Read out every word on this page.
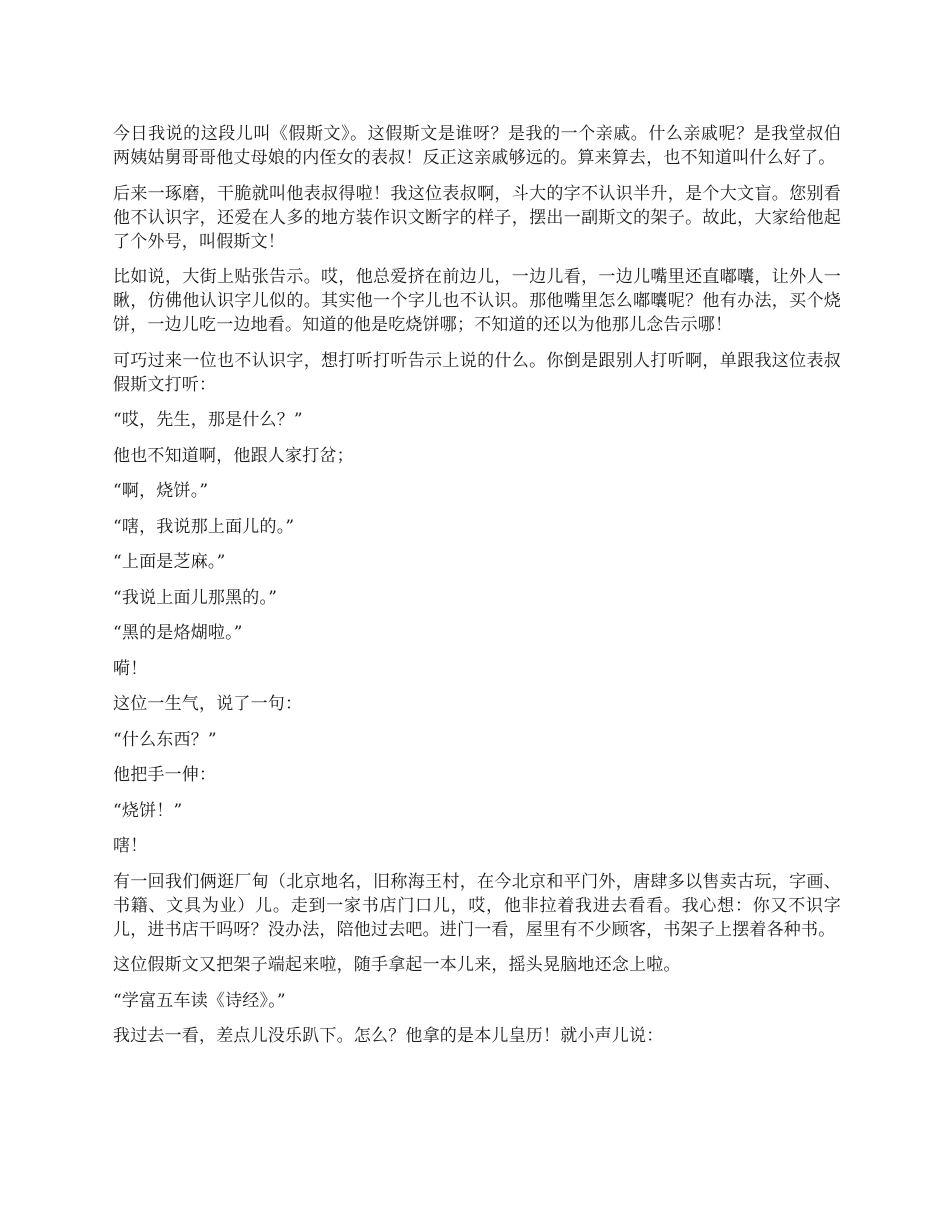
今日我说的这段儿叫《假斯文》。这假斯文是谁呀？是我的一个亲戚。什么亲戚呢？是我堂叔伯两姨姑舅哥哥他丈母娘的内侄女的表叔！反正这亲戚够远的。算来算去，也不知道叫什么好了。

后来一琢磨，干脆就叫他表叔得啦！我这位表叔啊，斗大的字不认识半升，是个大文盲。您别看他不认识字，还爱在人多的地方装作识文断字的样子，摆出一副斯文的架子。故此，大家给他起了个外号，叫假斯文！

比如说，大街上贴张告示。哎，他总爱挤在前边儿，一边儿看，一边儿嘴里还直嘟囔，让外人一瞅，仿佛他认识字儿似的。其实他一个字儿也不认识。那他嘴里怎么嘟囔呢？他有办法，买个烧饼，一边儿吃一边地看。知道的他是吃烧饼哪；不知道的还以为他那儿念告示哪！

可巧过来一位也不认识字，想打听打听告示上说的什么。你倒是跟别人打听啊，单跟我这位表叔假斯文打听：

“哎，先生，那是什么？”

他也不知道啊，他跟人家打岔；

“啊，烧饼。”

“嗐，我说那上面儿的。”

“上面是芝麻。”

“我说上面儿那黑的。”

“黑的是烙煳啦。”

嗬！

这位一生气，说了一句：

“什么东西？”

他把手一伸：

“烧饼！”

嗐！

有一回我们俩逛厂甸（北京地名，旧称海王村，在今北京和平门外，唐肆多以售卖古玩，字画、书籍、文具为业）儿。走到一家书店门口儿，哎，他非拉着我进去看看。我心想：你又不识字儿，进书店干吗呀？没办法，陪他过去吧。进门一看，屋里有不少顾客，书架子上摆着各种书。

这位假斯文又把架子端起来啦，随手拿起一本儿来，摇头晃脑地还念上啦。

“学富五车读《诗经》。”

我过去一看，差点儿没乐趴下。怎么？他拿的是本儿皇历！就小声儿说：
